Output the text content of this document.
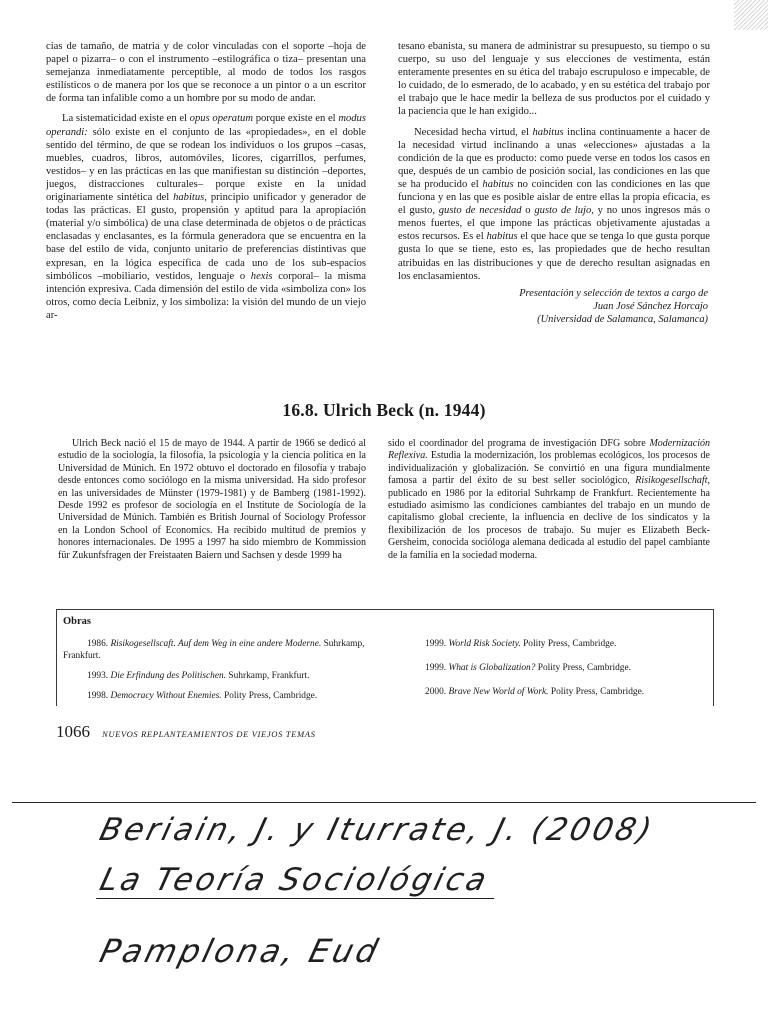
cias de tamaño, de matria y de color vinculadas con el soporte –hoja de papel o pizarra– o con el instrumento –estilográfica o tiza– presentan una semejanza inmediatamente perceptible, al modo de todos los rasgos estilísticos o de manera por los que se reconoce a un pintor o a un escritor de forma tan infalible como a un hombre por su modo de andar.

La sistematicidad existe en el opus operatum porque existe en el modus operandi: sólo existe en el conjunto de las «propiedades», en el doble sentido del término, de que se rodean los individuos o los grupos –casas, muebles, cuadros, libros, automóviles, licores, cigarrillos, perfumes, vestidos– y en las prácticas en las que manifiestan su distinción –deportes, juegos, distracciones culturales– porque existe en la unidad originariamente sintética del habitus, principio unificador y generador de todas las prácticas. El gusto, propensión y aptitud para la apropiación (material y/o simbólica) de una clase determinada de objetos o de prácticas enclasadas y enclasantes, es la fórmula generadora que se encuentra en la base del estilo de vida, conjunto unitario de preferencias distintivas que expresan, en la lógica específica de cada uno de los sub-espacios simbólicos –mobiliario, vestidos, lenguaje o hexis corporal– la misma intención expresiva. Cada dimensión del estilo de vida «simboliza con» los otros, como decía Leibniz, y los simboliza: la visión del mundo de un viejo ar-

tesano ebanista, su manera de administrar su presupuesto, su tiempo o su cuerpo, su uso del lenguaje y sus elecciones de vestimenta, están enteramente presentes en su ética del trabajo escrupuloso e impecable, de lo cuidado, de lo esmerado, de lo acabado, y en su estética del trabajo por el trabajo que le hace medir la belleza de sus productos por el cuidado y la paciencia que le han exigido...

Necesidad hecha virtud, el habitus inclina continuamente a hacer de la necesidad virtud inclinando a unas «elecciones» ajustadas a la condición de la que es producto: como puede verse en todos los casos en que, después de un cambio de posición social, las condiciones en las que se ha producido el habitus no coinciden con las condiciones en las que funciona y en las que es posible aislar de entre ellas la propia eficacia, es el gusto, gusto de necesidad o gusto de lujo, y no unos ingresos más o menos fuertes, el que impone las prácticas objetivamente ajustadas a estos recursos. Es el habitus el que hace que se tenga lo que gusta porque gusta lo que se tiene, esto es, las propiedades que de hecho resultan atribuidas en las distribuciones y que de derecho resultan asignadas en los enclasamientos.

Presentación y selección de textos a cargo de
Juan José Sánchez Horcajo
(Universidad de Salamanca, Salamanca)
16.8. Ulrich Beck (n. 1944)

Ulrich Beck nació el 15 de mayo de 1944. A partir de 1966 se dedicó al estudio de la sociología, la filosofía, la psicología y la ciencia política en la Universidad de Múnich. En 1972 obtuvo el doctorado en filosofía y trabajo desde entonces como sociólogo en la misma universidad. Ha sido profesor en las universidades de Münster (1979-1981) y de Bamberg (1981-1992). Desde 1992 es profesor de sociología en el Institute de Sociología de la Universidad de Múnich. También es British Journal of Sociology Professor en la London School of Economics. Ha recibido multitud de premios y honores internacionales. De 1995 a 1997 ha sido miembro de Kommission für Zukunfsfragen der Freistaaten Baiern und Sachsen y desde 1999 ha

sido el coordinador del programa de investigación DFG sobre Modernización Reflexiva. Estudia la modernización, los problemas ecológicos, los procesos de individualización y globalización. Se convirtió en una figura mundialmente famosa a partir del éxito de su best seller sociológico, Risikogesellschaft, publicado en 1986 por la editorial Suhrkamp de Frankfurt. Recientemente ha estudiado asimismo las condiciones cambiantes del trabajo en un mundo de capitalismo global creciente, la influencia en declive de los sindicatos y la flexibilización de los procesos de trabajo. Su mujer es Elizabeth Beck-Gersheim, conocida socióloga alemana dedicada al estudio del papel cambiante de la familia en la sociedad moderna.

Obras

1986. Risikogesellscaft. Auf dem Weg in eine andere Moderne. Suhrkamp, Frankfurt.

1993. Die Erfindung des Politischen. Suhrkamp, Frankfurt.

1998. Democracy Without Enemies. Polity Press, Cambridge.

1999. World Risk Society. Polity Press, Cambridge.

1999. What is Globalization? Polity Press, Cambridge.

2000. Brave New World of Work. Polity Press, Cambridge.

1066 NUEVOS REPLANTEAMIENTOS DE VIEJOS TEMAS
Beriain, J. y Iturrate, J. (2008)
La Teoría Sociológica
Pamplona, Eud
